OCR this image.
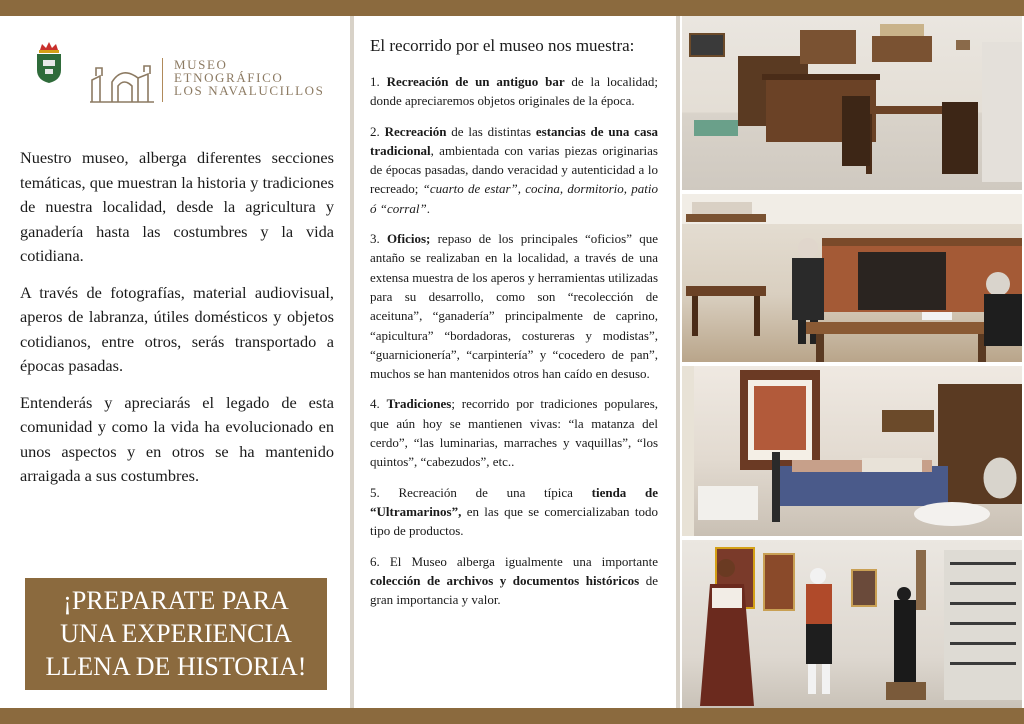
MUSEO
ETNOGRÁFICO
LOS NAVALUCILLOS

Nuestro museo, alberga diferentes secciones temáticas, que muestran la historia y tradiciones de nuestra localidad, desde la agricultura y ganadería hasta las costumbres y la vida cotidiana.

A través de fotografías, material audiovisual, aperos de labranza, útiles domésticos y objetos cotidianos, entre otros, serás transportado a épocas pasadas.

Entenderás y apreciarás el legado de esta comunidad y como la vida ha evolucionado en unos aspectos y en otros se ha mantenido arraigada a sus costumbres.

¡PREPARATE PARA
UNA EXPERIENCIA
LLENA DE HISTORIA!
El recorrido por el museo nos muestra:
1. Recreación de un antiguo bar de la localidad; donde apreciaremos objetos originales de la época.
2. Recreación de las distintas estancias de una casa tradicional, ambientada con varias piezas originarias de épocas pasadas, dando veracidad y autenticidad a lo recreado; “cuarto de estar”, cocina, dormitorio, patio ó “corral”.
3. Oficios; repaso de los principales “oficios” que antaño se realizaban en la localidad, a través de una extensa muestra de los aperos y herramientas utilizadas para su desarrollo, como son “recolección de aceituna”, “ganadería” principalmente de caprino, “apicultura” “bordadoras, costureras y modistas”, “guarnicionería”, “carpintería” y “cocedero de pan”, muchos se han mantenidos otros han caído en desuso.
4. Tradiciones; recorrido por tradiciones populares, que aún hoy se mantienen vivas: “la matanza del cerdo”, “las luminarias, marraches y vaquillas”, “los quintos”, “cabezudos”, etc..
5. Recreación de una típica tienda de “Ultramarinos”, en las que se comercializaban todo tipo de productos.
6. El Museo alberga igualmente una importante colección de archivos y documentos históricos de gran importancia y valor.
